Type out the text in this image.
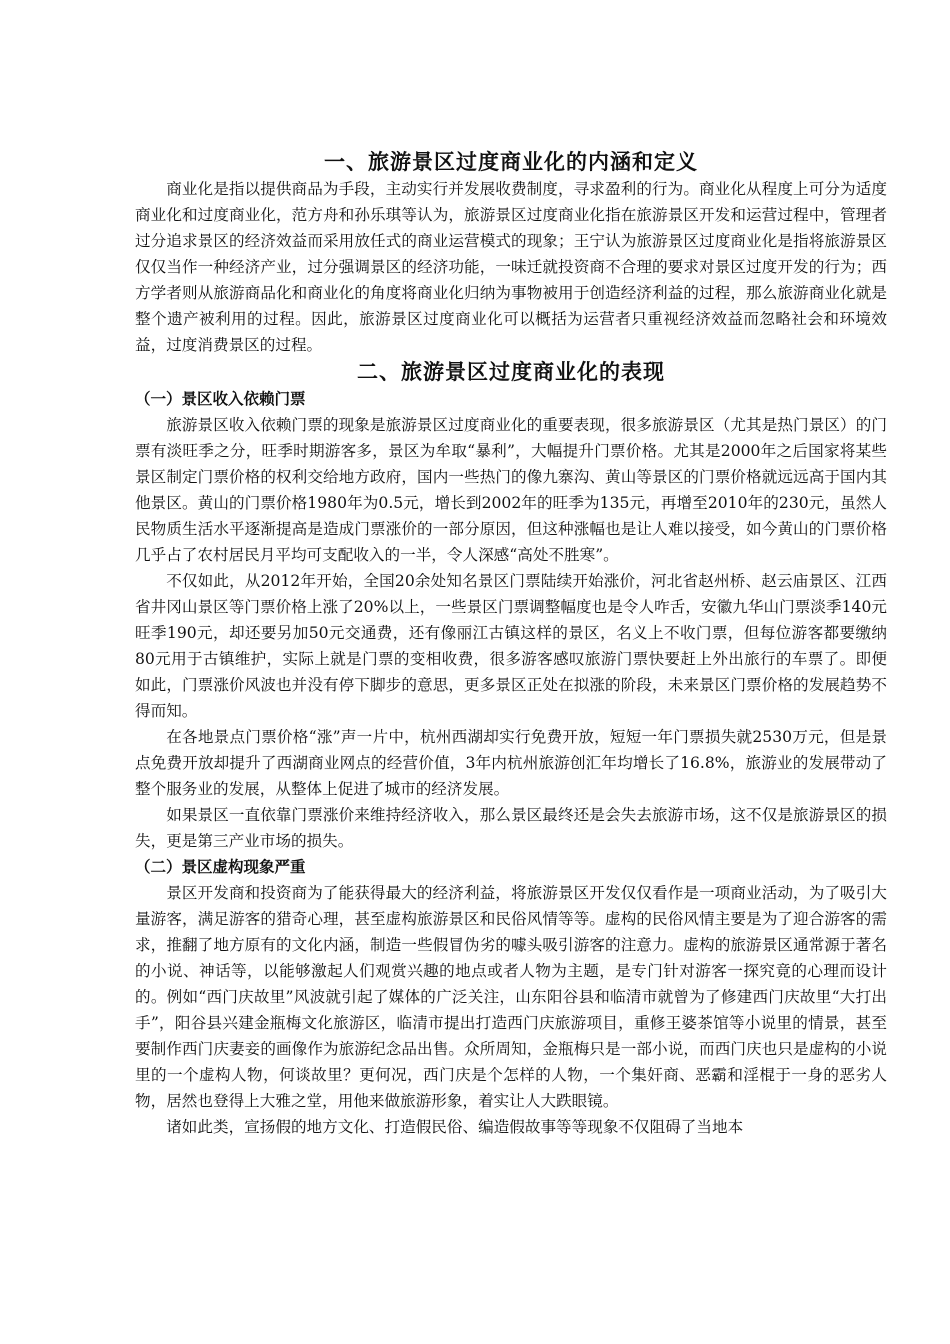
一、旅游景区过度商业化的内涵和定义

商业化是指以提供商品为手段，主动实行并发展收费制度，寻求盈利的行为。商业化从程度上可分为适度商业化和过度商业化，范方舟和孙乐琪等认为，旅游景区过度商业化指在旅游景区开发和运营过程中，管理者过分追求景区的经济效益而采用放任式的商业运营模式的现象；王宁认为旅游景区过度商业化是指将旅游景区仅仅当作一种经济产业，过分强调景区的经济功能，一味迁就投资商不合理的要求对景区过度开发的行为；西方学者则从旅游商品化和商业化的角度将商业化归纳为事物被用于创造经济利益的过程，那么旅游商业化就是整个遗产被利用的过程。因此，旅游景区过度商业化可以概括为运营者只重视经济效益而忽略社会和环境效益，过度消费景区的过程。

二、旅游景区过度商业化的表现
（一）景区收入依赖门票

旅游景区收入依赖门票的现象是旅游景区过度商业化的重要表现，很多旅游景区（尤其是热门景区）的门票有淡旺季之分，旺季时期游客多，景区为牟取“暴利”，大幅提升门票价格。尤其是2000年之后国家将某些景区制定门票价格的权利交给地方政府，国内一些热门的像九寨沟、黄山等景区的门票价格就远远高于国内其他景区。黄山的门票价格1980年为0.5元，增长到2002年的旺季为135元，再增至2010年的230元，虽然人民物质生活水平逐渐提高是造成门票涨价的一部分原因，但这种涨幅也是让人难以接受，如今黄山的门票价格几乎占了农村居民月平均可支配收入的一半，令人深感“高处不胜寒”。

不仅如此，从2012年开始，全国20余处知名景区门票陆续开始涨价，河北省赵州桥、赵云庙景区、江西省井冈山景区等门票价格上涨了20%以上，一些景区门票调整幅度也是令人咋舌，安徽九华山门票淡季140元旺季190元，却还要另加50元交通费，还有像丽江古镇这样的景区，名义上不收门票，但每位游客都要缴纳80元用于古镇维护，实际上就是门票的变相收费，很多游客感叹旅游门票快要赶上外出旅行的车票了。即便如此，门票涨价风波也并没有停下脚步的意思，更多景区正处在拟涨的阶段，未来景区门票价格的发展趋势不得而知。

在各地景点门票价格“涨”声一片中，杭州西湖却实行免费开放，短短一年门票损失就2530万元，但是景点免费开放却提升了西湖商业网点的经营价值，3年内杭州旅游创汇年均增长了16.8%，旅游业的发展带动了整个服务业的发展，从整体上促进了城市的经济发展。

如果景区一直依靠门票涨价来维持经济收入，那么景区最终还是会失去旅游市场，这不仅是旅游景区的损失，更是第三产业市场的损失。

（二）景区虚构现象严重

景区开发商和投资商为了能获得最大的经济利益，将旅游景区开发仅仅看作是一项商业活动，为了吸引大量游客，满足游客的猎奇心理，甚至虚构旅游景区和民俗风情等等。虚构的民俗风情主要是为了迎合游客的需求，推翻了地方原有的文化内涵，制造一些假冒伪劣的噱头吸引游客的注意力。虚构的旅游景区通常源于著名的小说、神话等，以能够激起人们观赏兴趣的地点或者人物为主题，是专门针对游客一探究竟的心理而设计的。例如“西门庆故里”风波就引起了媒体的广泛关注，山东阳谷县和临清市就曾为了修建西门庆故里“大打出手”，阳谷县兴建金瓶梅文化旅游区，临清市提出打造西门庆旅游项目，重修王婆茶馆等小说里的情景，甚至要制作西门庆妻妾的画像作为旅游纪念品出售。众所周知，金瓶梅只是一部小说，而西门庆也只是虚构的小说里的一个虚构人物，何谈故里？更何况，西门庆是个怎样的人物，一个集奸商、恶霸和淫棍于一身的恶劣人物，居然也登得上大雅之堂，用他来做旅游形象，着实让人大跌眼镜。

诸如此类，宣扬假的地方文化、打造假民俗、编造假故事等等现象不仅阻碍了当地本
